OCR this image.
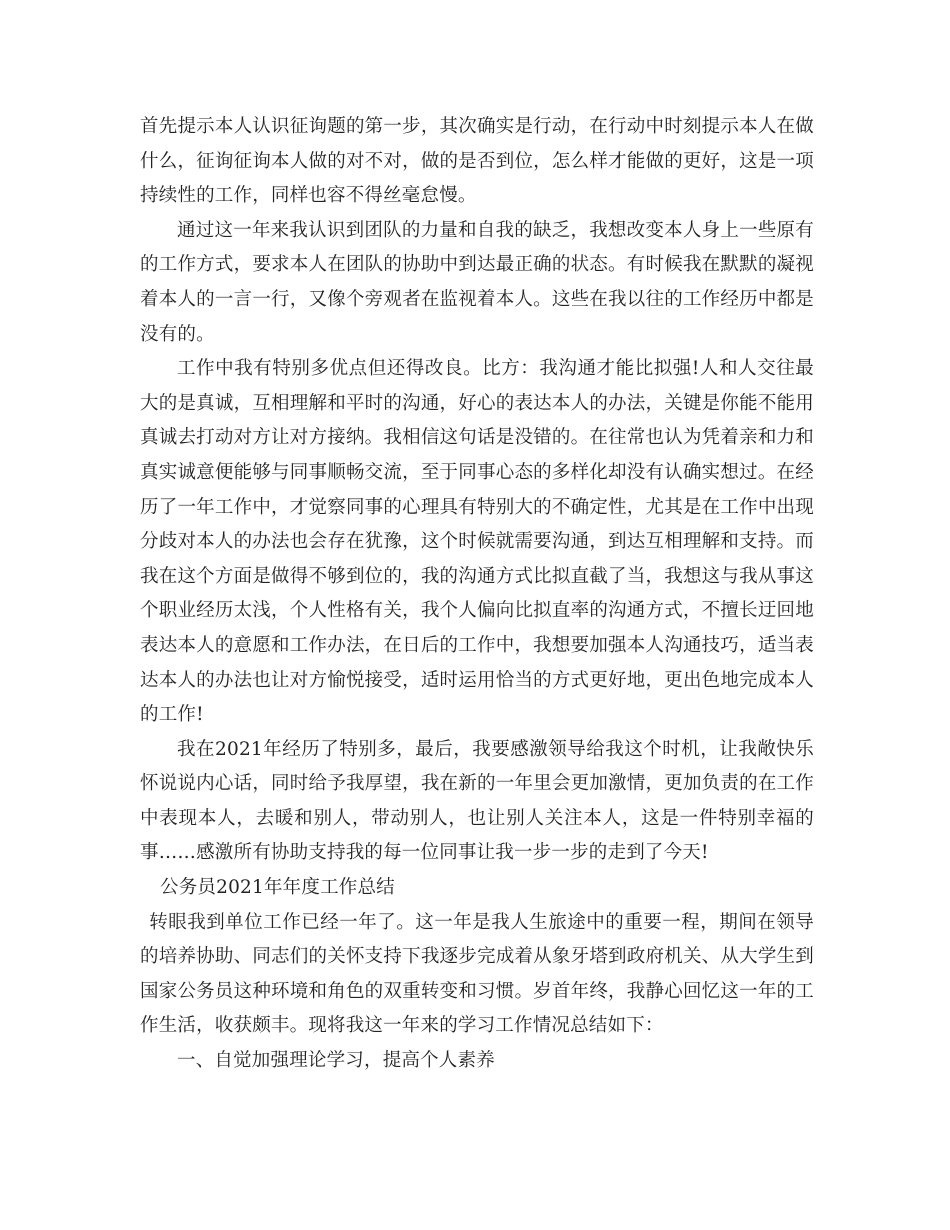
首先提示本人认识征询题的第一步，其次确实是行动，在行动中时刻提示本人在做什么，征询征询本人做的对不对，做的是否到位，怎么样才能做的更好，这是一项持续性的工作，同样也容不得丝毫怠慢。

通过这一年来我认识到团队的力量和自我的缺乏，我想改变本人身上一些原有的工作方式，要求本人在团队的协助中到达最正确的状态。有时候我在默默的凝视着本人的一言一行，又像个旁观者在监视着本人。这些在我以往的工作经历中都是没有的。

工作中我有特别多优点但还得改良。比方：我沟通才能比拟强!人和人交往最大的是真诚，互相理解和平时的沟通，好心的表达本人的办法，关键是你能不能用真诚去打动对方让对方接纳。我相信这句话是没错的。在往常也认为凭着亲和力和真实诚意便能够与同事顺畅交流，至于同事心态的多样化却没有认确实想过。在经历了一年工作中，才觉察同事的心理具有特别大的不确定性，尤其是在工作中出现分歧对本人的办法也会存在犹豫，这个时候就需要沟通，到达互相理解和支持。而我在这个方面是做得不够到位的，我的沟通方式比拟直截了当，我想这与我从事这个职业经历太浅，个人性格有关，我个人偏向比拟直率的沟通方式，不擅长迂回地表达本人的意愿和工作办法，在日后的工作中，我想要加强本人沟通技巧，适当表达本人的办法也让对方愉悦接受，适时运用恰当的方式更好地，更出色地完成本人的工作!

我在2021年经历了特别多，最后，我要感激领导给我这个时机，让我敞快乐怀说说内心话，同时给予我厚望，我在新的一年里会更加激情，更加负责的在工作中表现本人，去暖和别人，带动别人，也让别人关注本人，这是一件特别幸福的事……感激所有协助支持我的每一位同事让我一步一步的走到了今天!

公务员2021年年度工作总结

转眼我到单位工作已经一年了。这一年是我人生旅途中的重要一程，期间在领导的培养协助、同志们的关怀支持下我逐步完成着从象牙塔到政府机关、从大学生到国家公务员这种环境和角色的双重转变和习惯。岁首年终，我静心回忆这一年的工作生活，收获颇丰。现将我这一年来的学习工作情况总结如下：

一、自觉加强理论学习，提高个人素养
